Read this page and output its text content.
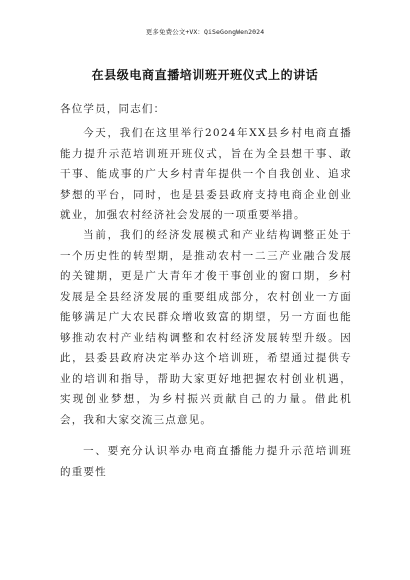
更多免费公文+VX：QiSeGongWen2024
在县级电商直播培训班开班仪式上的讲话
各位学员，同志们：

今天，我们在这里举行2024年XX县乡村电商直播能力提升示范培训班开班仪式，旨在为全县想干事、敢干事、能成事的广大乡村青年提供一个自我创业、追求梦想的平台，同时，也是县委县政府支持电商企业创业就业，加强农村经济社会发展的一项重要举措。

当前，我们的经济发展模式和产业结构调整正处于一个历史性的转型期，是推动农村一二三产业融合发展的关键期，更是广大青年才俊干事创业的窗口期，乡村发展是全县经济发展的重要组成部分，农村创业一方面能够满足广大农民群众增收致富的期望，另一方面也能够推动农村产业结构调整和农村经济发展转型升级。因此，县委县政府决定举办这个培训班，希望通过提供专业的培训和指导，帮助大家更好地把握农村创业机遇，实现创业梦想，为乡村振兴贡献自己的力量。借此机会，我和大家交流三点意见。

一、要充分认识举办电商直播能力提升示范培训班的重要性
